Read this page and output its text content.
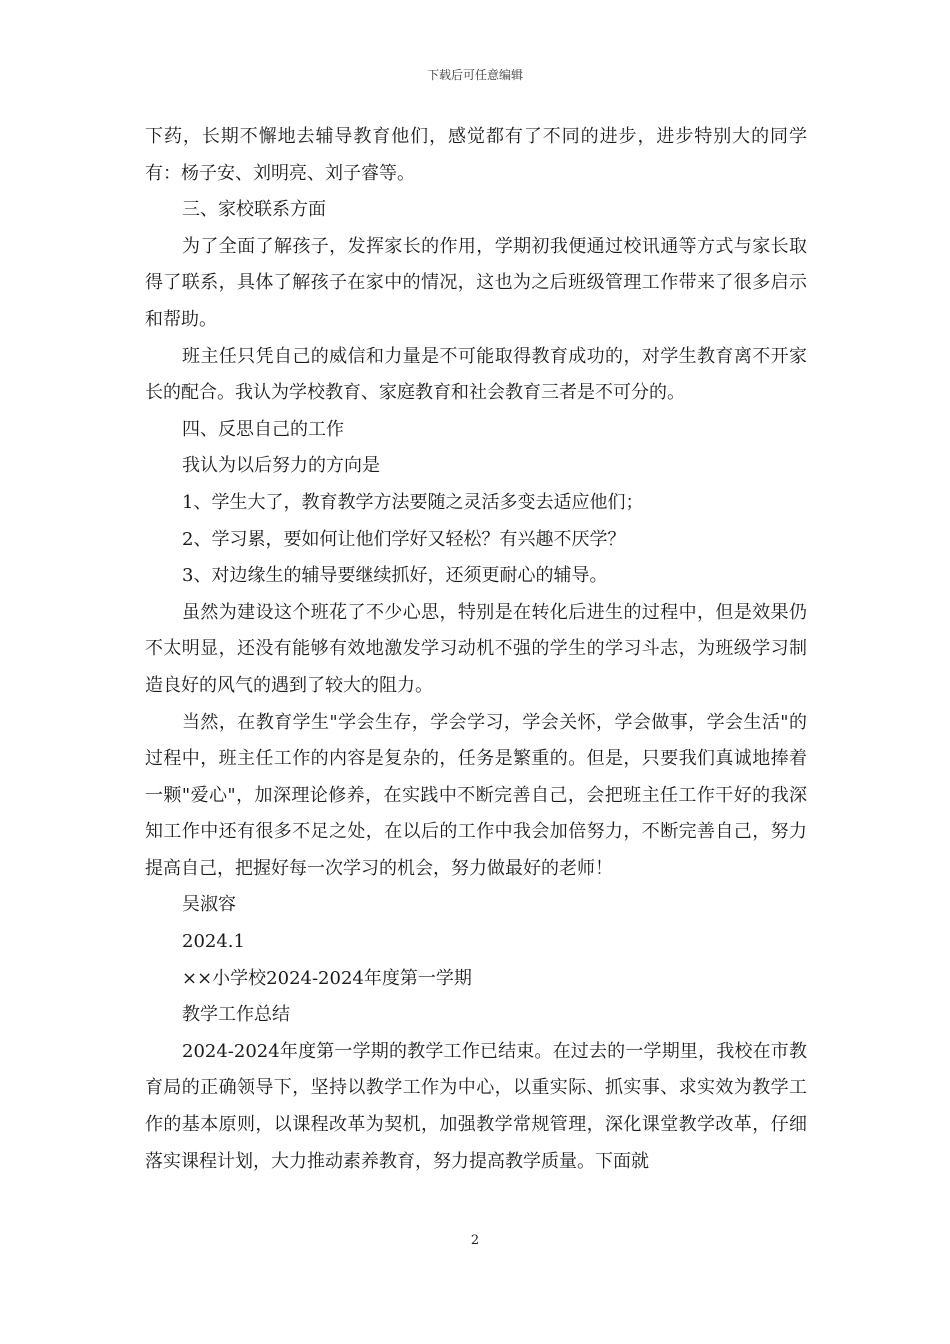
下载后可任意编辑

下药，长期不懈地去辅导教育他们，感觉都有了不同的进步，进步特别大的同学有：杨子安、刘明亮、刘子睿等。

三、家校联系方面

为了全面了解孩子，发挥家长的作用，学期初我便通过校讯通等方式与家长取得了联系，具体了解孩子在家中的情况，这也为之后班级管理工作带来了很多启示和帮助。

班主任只凭自己的威信和力量是不可能取得教育成功的，对学生教育离不开家长的配合。我认为学校教育、家庭教育和社会教育三者是不可分的。

四、反思自己的工作

我认为以后努力的方向是

1、学生大了，教育教学方法要随之灵活多变去适应他们；

2、学习累，要如何让他们学好又轻松？有兴趣不厌学？

3、对边缘生的辅导要继续抓好，还须更耐心的辅导。

虽然为建设这个班花了不少心思，特别是在转化后进生的过程中，但是效果仍不太明显，还没有能够有效地激发学习动机不强的学生的学习斗志，为班级学习制造良好的风气的遇到了较大的阻力。

当然，在教育学生"学会生存，学会学习，学会关怀，学会做事，学会生活"的过程中，班主任工作的内容是复杂的，任务是繁重的。但是，只要我们真诚地捧着一颗"爱心"，加深理论修养，在实践中不断完善自己，会把班主任工作干好的我深知工作中还有很多不足之处，在以后的工作中我会加倍努力，不断完善自己，努力提高自己，把握好每一次学习的机会，努力做最好的老师！

吴淑容

2024.1

××小学校2024-2024年度第一学期

教学工作总结

2024-2024年度第一学期的教学工作已结束。在过去的一学期里，我校在市教育局的正确领导下，坚持以教学工作为中心，以重实际、抓实事、求实效为教学工作的基本原则，以课程改革为契机，加强教学常规管理，深化课堂教学改革，仔细落实课程计划，大力推动素养教育，努力提高教学质量。下面就

2
